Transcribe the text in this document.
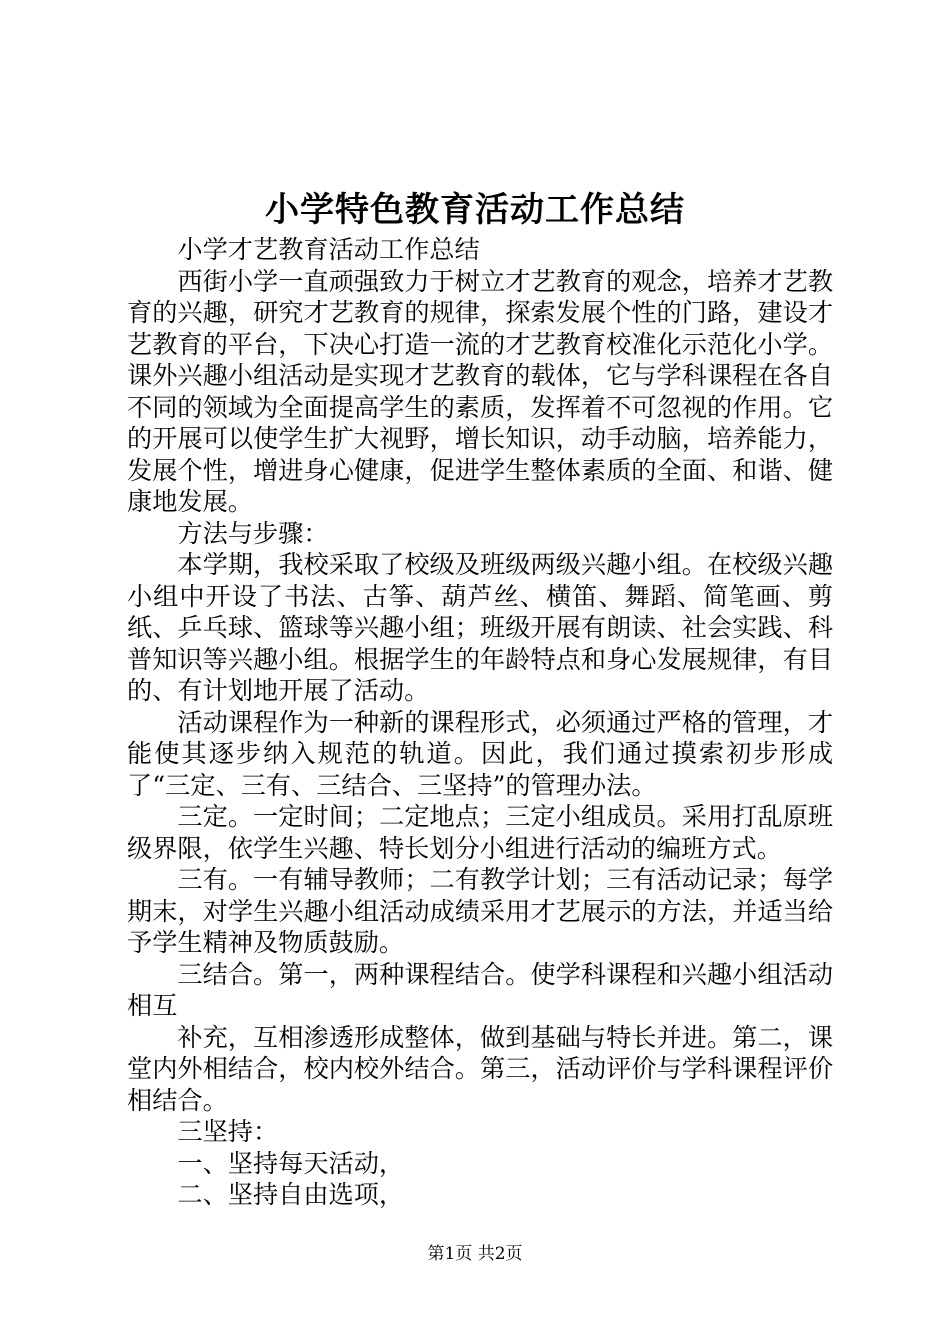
小学特色教育活动工作总结

小学才艺教育活动工作总结

西街小学一直顽强致力于树立才艺教育的观念，培养才艺教育的兴趣，研究才艺教育的规律，探索发展个性的门路，建设才艺教育的平台，下决心打造一流的才艺教育校准化示范化小学。课外兴趣小组活动是实现才艺教育的载体，它与学科课程在各自不同的领域为全面提高学生的素质，发挥着不可忽视的作用。它的开展可以使学生扩大视野，增长知识，动手动脑，培养能力，发展个性，增进身心健康，促进学生整体素质的全面、和谐、健康地发展。

方法与步骤：

本学期，我校采取了校级及班级两级兴趣小组。在校级兴趣小组中开设了书法、古筝、葫芦丝、横笛、舞蹈、简笔画、剪纸、乒乓球、篮球等兴趣小组；班级开展有朗读、社会实践、科普知识等兴趣小组。根据学生的年龄特点和身心发展规律，有目的、有计划地开展了活动。

活动课程作为一种新的课程形式，必须通过严格的管理，才能使其逐步纳入规范的轨道。因此，我们通过摸索初步形成了“三定、三有、三结合、三坚持”的管理办法。

三定。一定时间；二定地点；三定小组成员。采用打乱原班级界限，依学生兴趣、特长划分小组进行活动的编班方式。

三有。一有辅导教师；二有教学计划；三有活动记录；每学期末，对学生兴趣小组活动成绩采用才艺展示的方法，并适当给予学生精神及物质鼓励。

三结合。第一，两种课程结合。使学科课程和兴趣小组活动相互

补充，互相渗透形成整体，做到基础与特长并进。第二，课堂内外相结合，校内校外结合。第三，活动评价与学科课程评价相结合。

三坚持：

一、坚持每天活动，

二、坚持自由选项，

第1页 共2页
